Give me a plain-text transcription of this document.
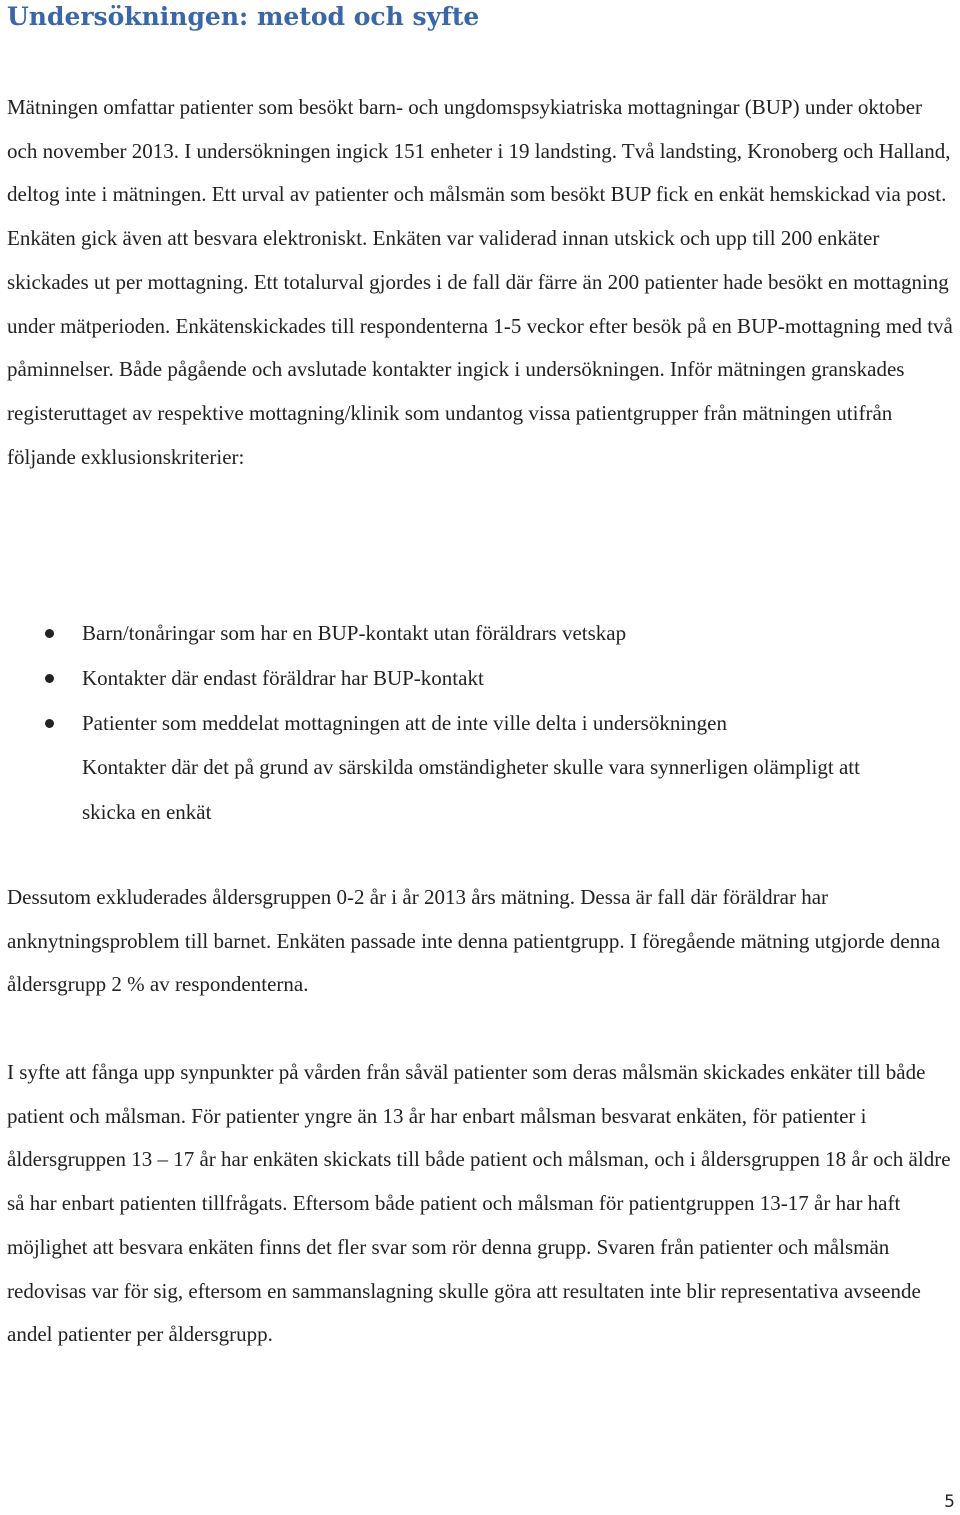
Undersökningen: metod och syfte

Mätningen omfattar patienter som besökt barn- och ungdomspsykiatriska mottagningar (BUP) under oktober och november 2013. I undersökningen ingick 151 enheter i 19 landsting. Två landsting, Kronoberg och Halland, deltog inte i mätningen. Ett urval av patienter och målsmän som besökt BUP fick en enkät hemskickad via post. Enkäten gick även att besvara elektroniskt. Enkäten var validerad innan utskick och upp till 200 enkäter skickades ut per mottagning. Ett totalurval gjordes i de fall där färre än 200 patienter hade besökt en mottagning under mätperioden. Enkätenskickades till respondenterna 1-5 veckor efter besök på en BUP-mottagning med två påminnelser. Både pågående och avslutade kontakter ingick i undersökningen. Inför mätningen granskades registeruttaget av respektive mottagning/klinik som undantog vissa patientgrupper från mätningen utifrån följande exklusionskriterier:

Barn/tonåringar som har en BUP-kontakt utan föräldrars vetskap
Kontakter där endast föräldrar har BUP-kontakt
Patienter som meddelat mottagningen att de inte ville delta i undersökningen
Kontakter där det på grund av särskilda omständigheter skulle vara synnerligen olämpligt att skicka en enkät

Dessutom exkluderades åldersgruppen 0-2 år i år 2013 års mätning. Dessa är fall där föräldrar har anknytningsproblem till barnet. Enkäten passade inte denna patientgrupp. I föregående mätning utgjorde denna åldersgrupp 2 % av respondenterna.

I syfte att fånga upp synpunkter på vården från såväl patienter som deras målsmän skickades enkäter till både patient och målsman. För patienter yngre än 13 år har enbart målsman besvarat enkäten, för patienter i åldersgruppen 13 – 17 år har enkäten skickats till både patient och målsman, och i åldersgruppen 18 år och äldre så har enbart patienten tillfrågats. Eftersom både patient och målsman för patientgruppen 13-17 år har haft möjlighet att besvara enkäten finns det fler svar som rör denna grupp. Svaren från patienter och målsmän redovisas var för sig, eftersom en sammanslagning skulle göra att resultaten inte blir representativa avseende andel patienter per åldersgrupp.

5
